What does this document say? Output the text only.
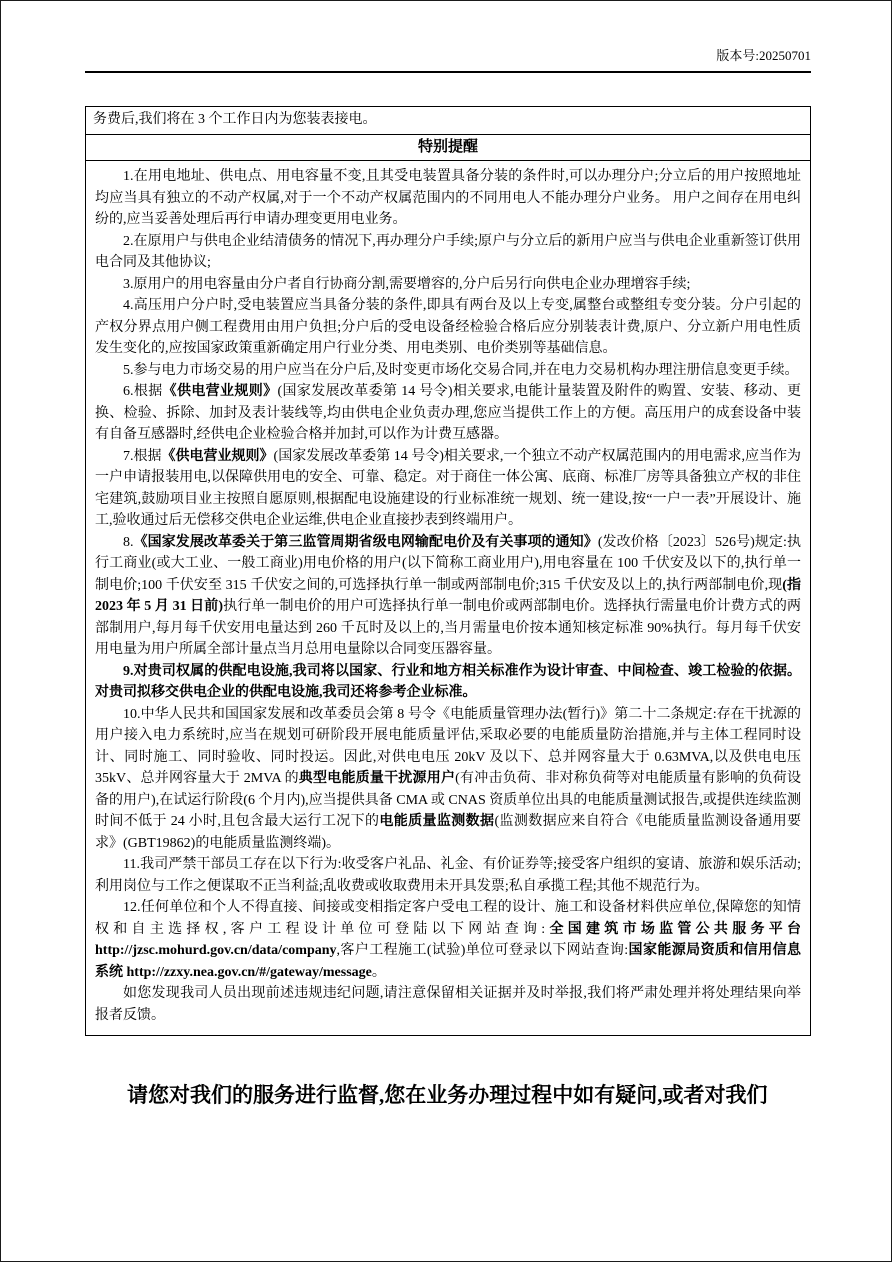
版本号:20250701
务费后,我们将在 3 个工作日内为您装表接电。
特别提醒

1.在用电地址、供电点、用电容量不变,且其受电装置具备分装的条件时,可以办理分户;分立后的用户按照地址均应当具有独立的不动产权属,对于一个不动产权属范围内的不同用电人不能办理分户业务。 用户之间存在用电纠纷的,应当妥善处理后再行申请办理变更用电业务。

2.在原用户与供电企业结清债务的情况下,再办理分户手续;原户与分立后的新用户应当与供电企业重新签订供用电合同及其他协议;

3.原用户的用电容量由分户者自行协商分割,需要增容的,分户后另行向供电企业办理增容手续;

4.高压用户分户时,受电装置应当具备分装的条件,即具有两台及以上专变,属整台或整组专变分装。分户引起的产权分界点用户侧工程费用由用户负担;分户后的受电设备经检验合格后应分别装表计费,原户、分立新户用电性质发生变化的,应按国家政策重新确定用户行业分类、用电类别、电价类别等基础信息。

5.参与电力市场交易的用户应当在分户后,及时变更市场化交易合同,并在电力交易机构办理注册信息变更手续。

6.根据《供电营业规则》(国家发展改革委第 14 号令)相关要求,电能计量装置及附件的购置、安装、移动、更换、检验、拆除、加封及表计装线等,均由供电企业负责办理,您应当提供工作上的方便。高压用户的成套设备中装有自备互感器时,经供电企业检验合格并加封,可以作为计费互感器。

7.根据《供电营业规则》(国家发展改革委第 14 号令)相关要求,一个独立不动产权属范围内的用电需求,应当作为一户申请报装用电,以保障供用电的安全、可靠、稳定。对于商住一体公寓、底商、标准厂房等具备独立产权的非住宅建筑,鼓励项目业主按照自愿原则,根据配电设施建设的行业标准统一规划、统一建设,按“一户一表”开展设计、施工,验收通过后无偿移交供电企业运维,供电企业直接抄表到终端用户。

8.《国家发展改革委关于第三监管周期省级电网输配电价及有关事项的通知》(发改价格〔2023〕526号)规定:执行工商业(或大工业、一般工商业)用电价格的用户(以下简称工商业用户),用电容量在 100 千伏安及以下的,执行单一制电价;100 千伏安至 315 千伏安之间的,可选择执行单一制或两部制电价;315 千伏安及以上的,执行两部制电价,现(指 2023 年 5 月 31 日前)执行单一制电价的用户可选择执行单一制电价或两部制电价。选择执行需量电价计费方式的两部制用户,每月每千伏安用电量达到 260 千瓦时及以上的,当月需量电价按本通知核定标准 90%执行。每月每千伏安用电量为用户所属全部计量点当月总用电量除以合同变压器容量。

9.对贵司权属的供配电设施,我司将以国家、行业和地方相关标准作为设计审查、中间检查、竣工检验的依据。对贵司拟移交供电企业的供配电设施,我司还将参考企业标准。

10.中华人民共和国国家发展和改革委员会第 8 号令《电能质量管理办法(暂行)》第二十二条规定:存在干扰源的用户接入电力系统时,应当在规划可研阶段开展电能质量评估,采取必要的电能质量防治措施,并与主体工程同时设计、同时施工、同时验收、同时投运。因此,对供电电压 20kV 及以下、总并网容量大于 0.63MVA,以及供电电压 35kV、总并网容量大于 2MVA 的典型电能质量干扰源用户(有冲击负荷、非对称负荷等对电能质量有影响的负荷设备的用户),在试运行阶段(6 个月内),应当提供具备 CMA 或 CNAS 资质单位出具的电能质量测试报告,或提供连续监测时间不低于 24 小时,且包含最大运行工况下的电能质量监测数据(监测数据应来自符合《电能质量监测设备通用要求》(GBT19862)的电能质量监测终端)。

11.我司严禁干部员工存在以下行为:收受客户礼品、礼金、有价证券等;接受客户组织的宴请、旅游和娱乐活动;利用岗位与工作之便谋取不正当利益;乱收费或收取费用未开具发票;私自承揽工程;其他不规范行为。

12.任何单位和个人不得直接、间接或变相指定客户受电工程的设计、施工和设备材料供应单位,保障您的知情权和自主选择权,客户工程设计单位可登陆以下网站查询:全国建筑市场监管公共服务平台 http://jzsc.mohurd.gov.cn/data/company,客户工程施工(试验)单位可登录以下网站查询:国家能源局资质和信用信息系统 http://zzxy.nea.gov.cn/#/gateway/message。

如您发现我司人员出现前述违规违纪问题,请注意保留相关证据并及时举报,我们将严肃处理并将处理结果向举报者反馈。

请您对我们的服务进行监督,您在业务办理过程中如有疑问,或者对我们
